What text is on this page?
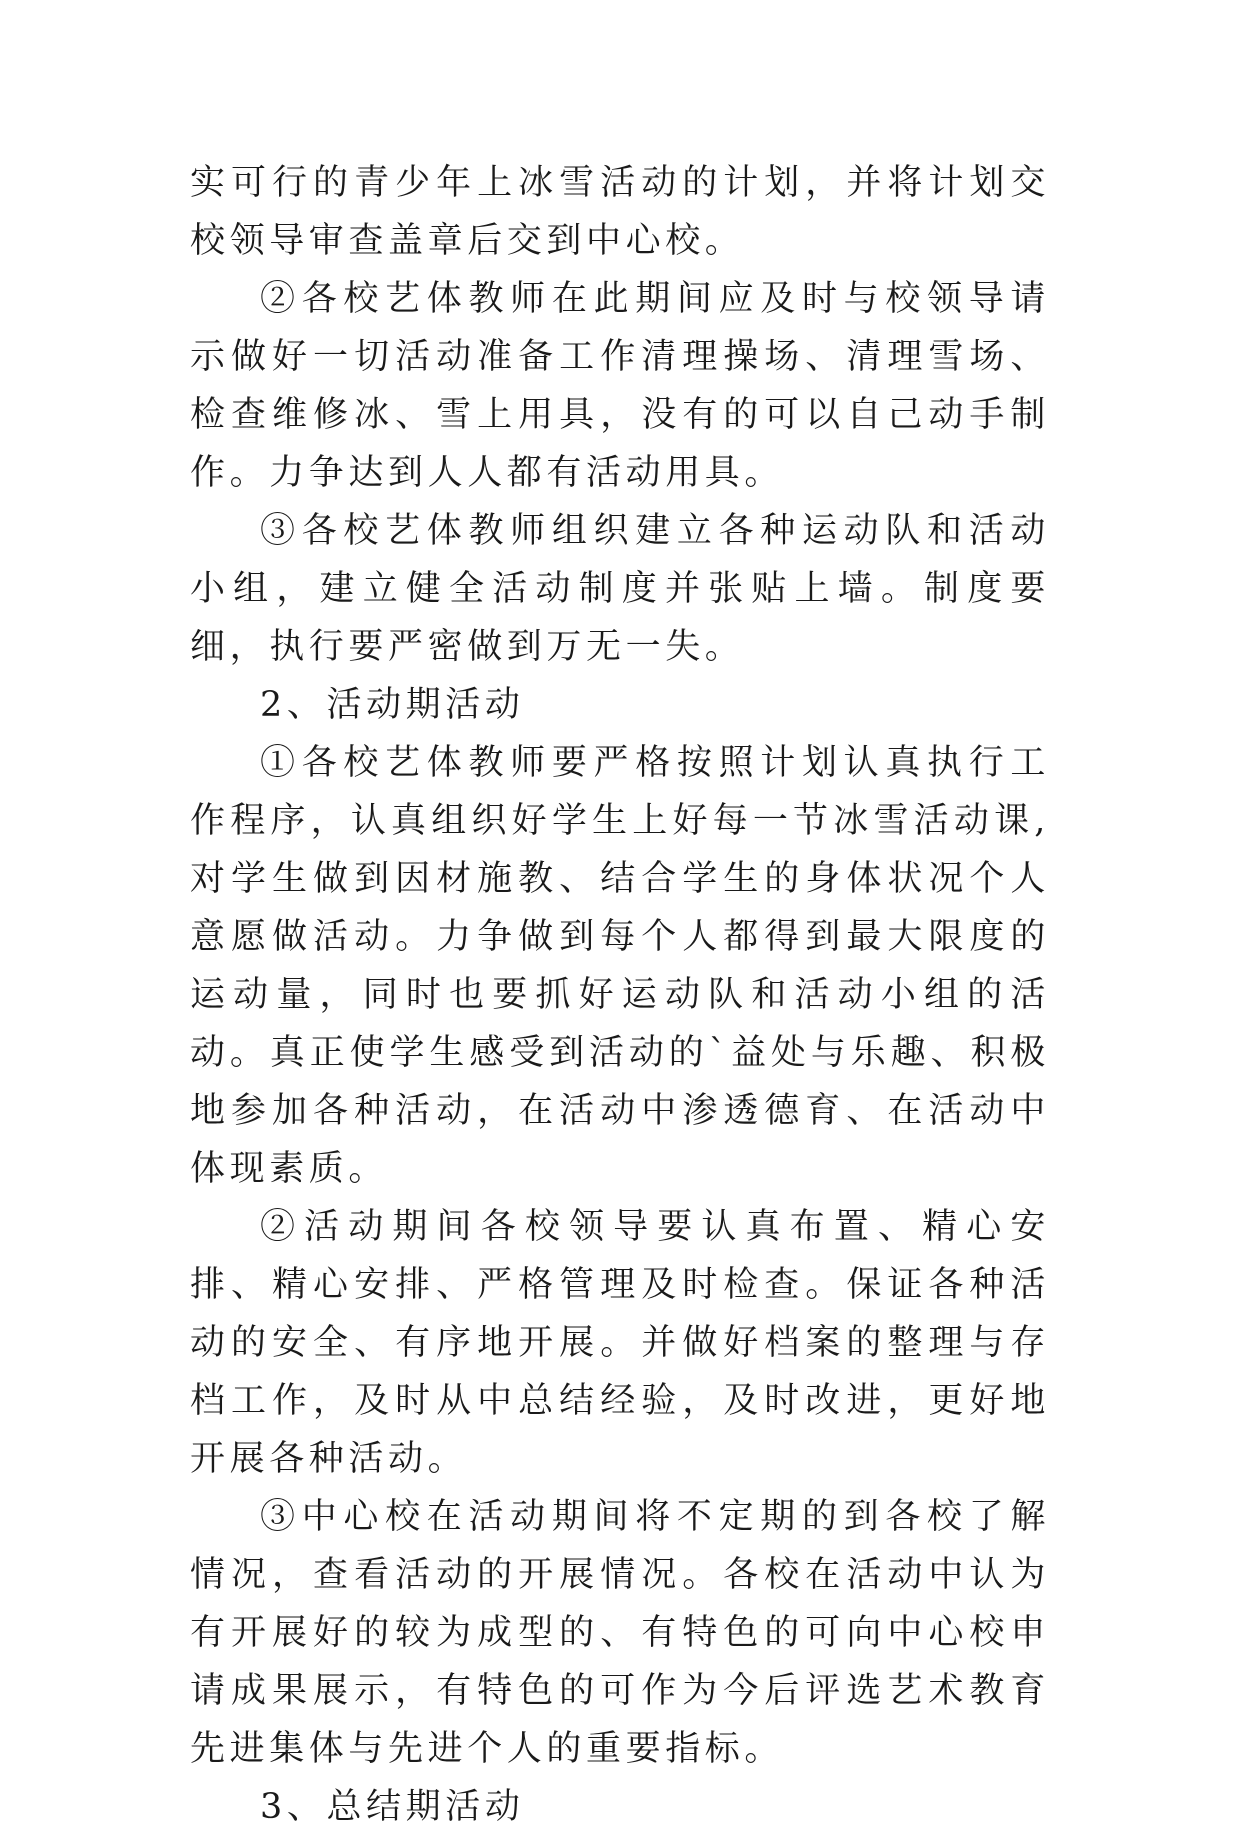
实可行的青少年上冰雪活动的计划，并将计划交校领导审查盖章后交到中心校。

②各校艺体教师在此期间应及时与校领导请示做好一切活动准备工作清理操场、清理雪场、检查维修冰、雪上用具，没有的可以自己动手制作。力争达到人人都有活动用具。

③各校艺体教师组织建立各种运动队和活动小组，建立健全活动制度并张贴上墙。制度要细，执行要严密做到万无一失。

2、活动期活动

①各校艺体教师要严格按照计划认真执行工作程序，认真组织好学生上好每一节冰雪活动课,对学生做到因材施教、结合学生的身体状况个人意愿做活动。力争做到每个人都得到最大限度的运动量，同时也要抓好运动队和活动小组的活动。真正使学生感受到活动的`益处与乐趣、积极地参加各种活动，在活动中渗透德育、在活动中体现素质。

②活动期间各校领导要认真布置、精心安排、精心安排、严格管理及时检查。保证各种活动的安全、有序地开展。并做好档案的整理与存档工作，及时从中总结经验，及时改进，更好地开展各种活动。

③中心校在活动期间将不定期的到各校了解情况，查看活动的开展情况。各校在活动中认为有开展好的较为成型的、有特色的可向中心校申请成果展示，有特色的可作为今后评选艺术教育先进集体与先进个人的重要指标。

3、总结期活动
